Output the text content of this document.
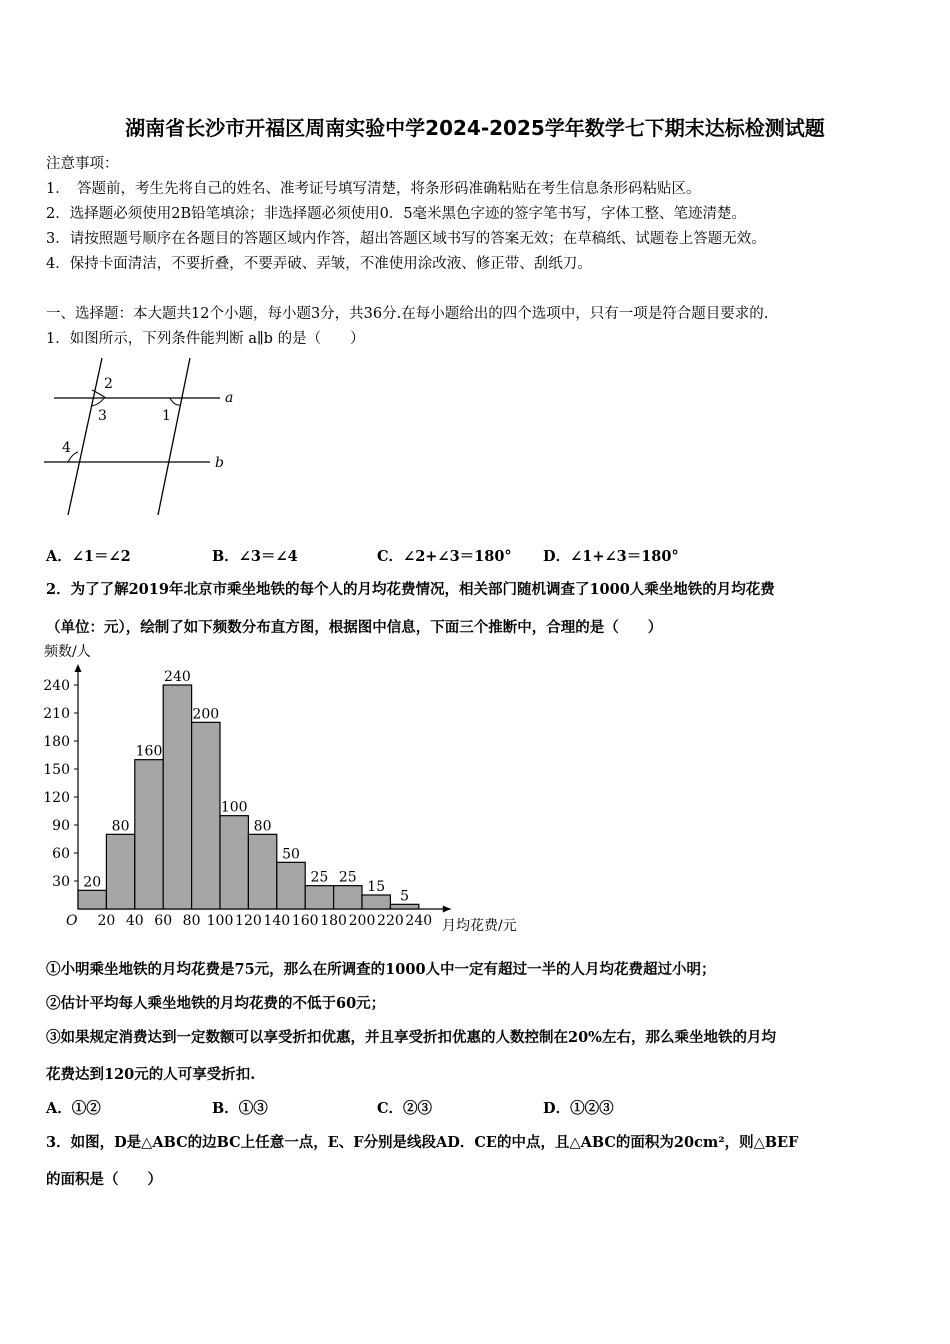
湖南省长沙市开福区周南实验中学2024-2025学年数学七下期末达标检测试题
注意事项：
1．　答题前，考生先将自己的姓名、准考证号填写清楚，将条形码准确粘贴在考生信息条形码粘贴区。
2．选择题必须使用2B铅笔填涂；非选择题必须使用0．5毫米黑色字迹的签字笔书写，字体工整、笔迹清楚。
3．请按照题号顺序在各题目的答题区域内作答，超出答题区域书写的答案无效；在草稿纸、试题卷上答题无效。
4．保持卡面清洁，不要折叠，不要弄破、弄皱，不准使用涂改液、修正带、刮纸刀。
一、选择题：本大题共12个小题，每小题3分，共36分.在每小题给出的四个选项中，只有一项是符合题目要求的.
1．如图所示，下列条件能判断 a∥b 的是（　　）
a
b
1
2
3
4
A．∠1＝∠2	B．∠3＝∠4	C．∠2+∠3＝180° D．∠1+∠3＝180°
2．为了了解2019年北京市乘坐地铁的每个人的月均花费情况，相关部门随机调查了1000人乘坐地铁的月均花费
（单位：元），绘制了如下频数分布直方图，根据图中信息，下面三个推断中，合理的是（　　）
频数/人
月均花费/元
O
30
60
90
120
150
180
210
240
20 40 60 80 100 120 140 160 180 200 220 240
20
80
160
240
200
100
80
50
25 25
15
5
①小明乘坐地铁的月均花费是75元，那么在所调查的1000人中一定有超过一半的人月均花费超过小明；
②估计平均每人乘坐地铁的月均花费的不低于60元；
③如果规定消费达到一定数额可以享受折扣优惠，并且享受折扣优惠的人数控制在20%左右，那么乘坐地铁的月均
花费达到120元的人可享受折扣.
A．①②	B．①③	C．②③	D．①②③
3．如图，D是△ABC的边BC上任意一点，E、F分别是线段AD．CE的中点，且△ABC的面积为20cm²，则△BEF
的面积是（　　）
